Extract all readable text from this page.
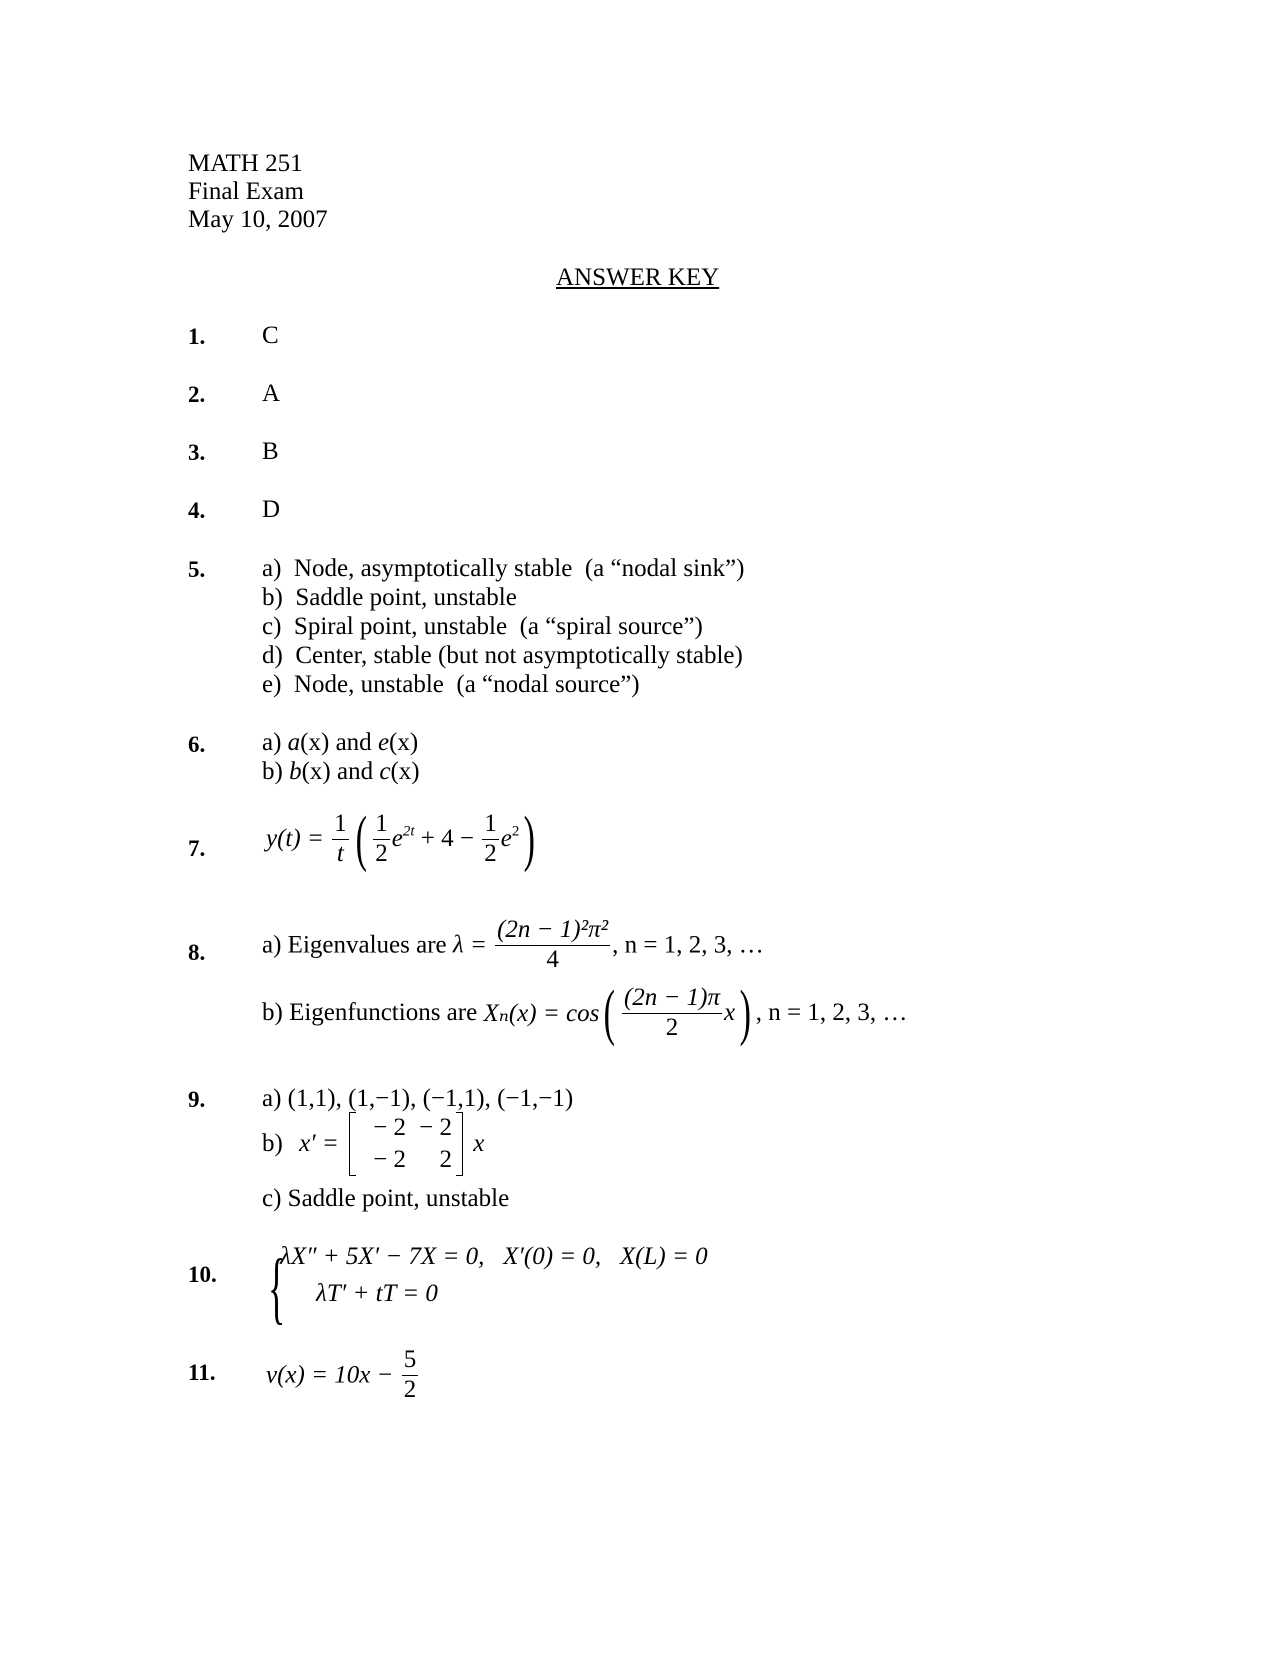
MATH 251
Final Exam
May 10, 2007
ANSWER KEY
1. C
2. A
3. B
4. D
5. a)  Node, asymptotically stable  (a “nodal sink”)
b)  Saddle point, unstable
c)  Spiral point, unstable  (a “spiral source”)
d)  Center, stable (but not asymptotically stable)
e)  Node, unstable  (a “nodal source”)
6. a) a(x) and e(x)
b) b(x) and c(x)
7. $y(t) = \frac{1}{t}$ ( $\frac{1}{2} e^{2t} + 4 - \frac{1}{2} e^2$)
8. a) Eigenvalues are $\lambda = \frac{\text{(2n − 1)²π²}}{4}$ , n = 1, 2, 3, …
b) Eigenfunctions are $X_n(x) = \cos( \frac{(2n - 1)\pi}{2} x)$ , n = 1, 2, 3, …
9. a) (1,1), (1,−1), (−1,1), (−1,−1)
b) x′ =
− 2 − 2
− 2	2
x
c) Saddle point, unstable
10. {
λX″ + 5X′ − 7X = 0,   X′(0) = 0,   X(L) = 0
λT′ + tT = 0
11. $v(x) = 10x - \frac{5}{2}$
